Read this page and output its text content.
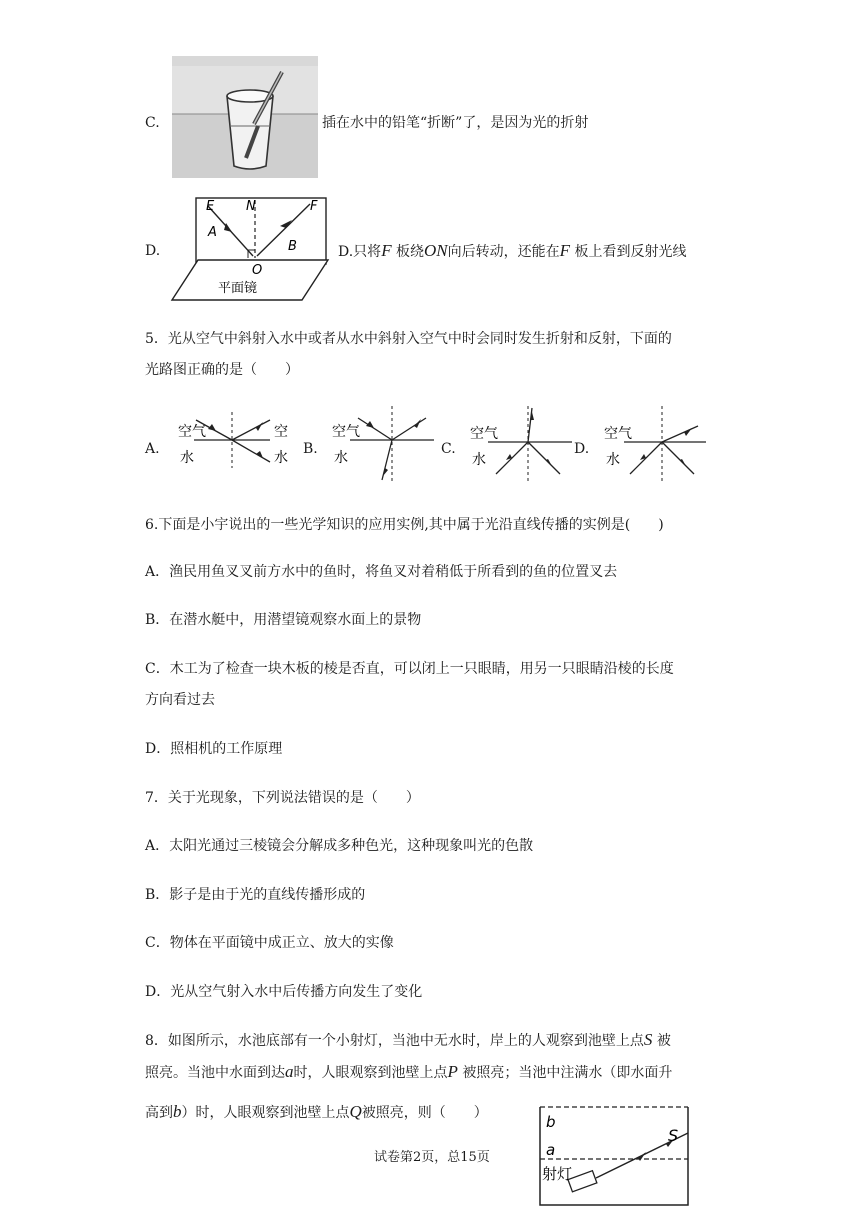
C.	插在水中的铅笔“折断”了，是因为光的折射
D.
E N	F
A
B
O
平面镜
D.只将F 板绕ON向后转动，还能在F 板上看到反射光线
5．光从空气中斜射入水中或者从水中斜射入空气中时会同时发生折射和反射，下面的
光路图正确的是（　　）
A.
空气
水
空
水
B.
空气
水
C.
空气
水
D.
空气
水
6.下面是小宇说出的一些光学知识的应用实例,其中属于光沿直线传播的实例是(　　)
A．渔民用鱼叉叉前方水中的鱼时，将鱼叉对着稍低于所看到的鱼的位置叉去
B．在潜水艇中，用潜望镜观察水面上的景物
C．木工为了检查一块木板的棱是否直，可以闭上一只眼睛，用另一只眼睛沿棱的长度
方向看过去
D．照相机的工作原理
7．关于光现象，下列说法错误的是（　　）
A．太阳光通过三棱镜会分解成多种色光，这种现象叫光的色散
B．影子是由于光的直线传播形成的
C．物体在平面镜中成正立、放大的实像
D．光从空气射入水中后传播方向发生了变化
8．如图所示，水池底部有一个小射灯，当池中无水时，岸上的人观察到池壁上点S 被
照亮。当池中水面到达a时，人眼观察到池壁上点P 被照亮；当池中注满水（即水面升
高到b）时，人眼观察到池壁上点Q被照亮，则（　　）	b
a
S
射灯
试卷第2页，总15页
